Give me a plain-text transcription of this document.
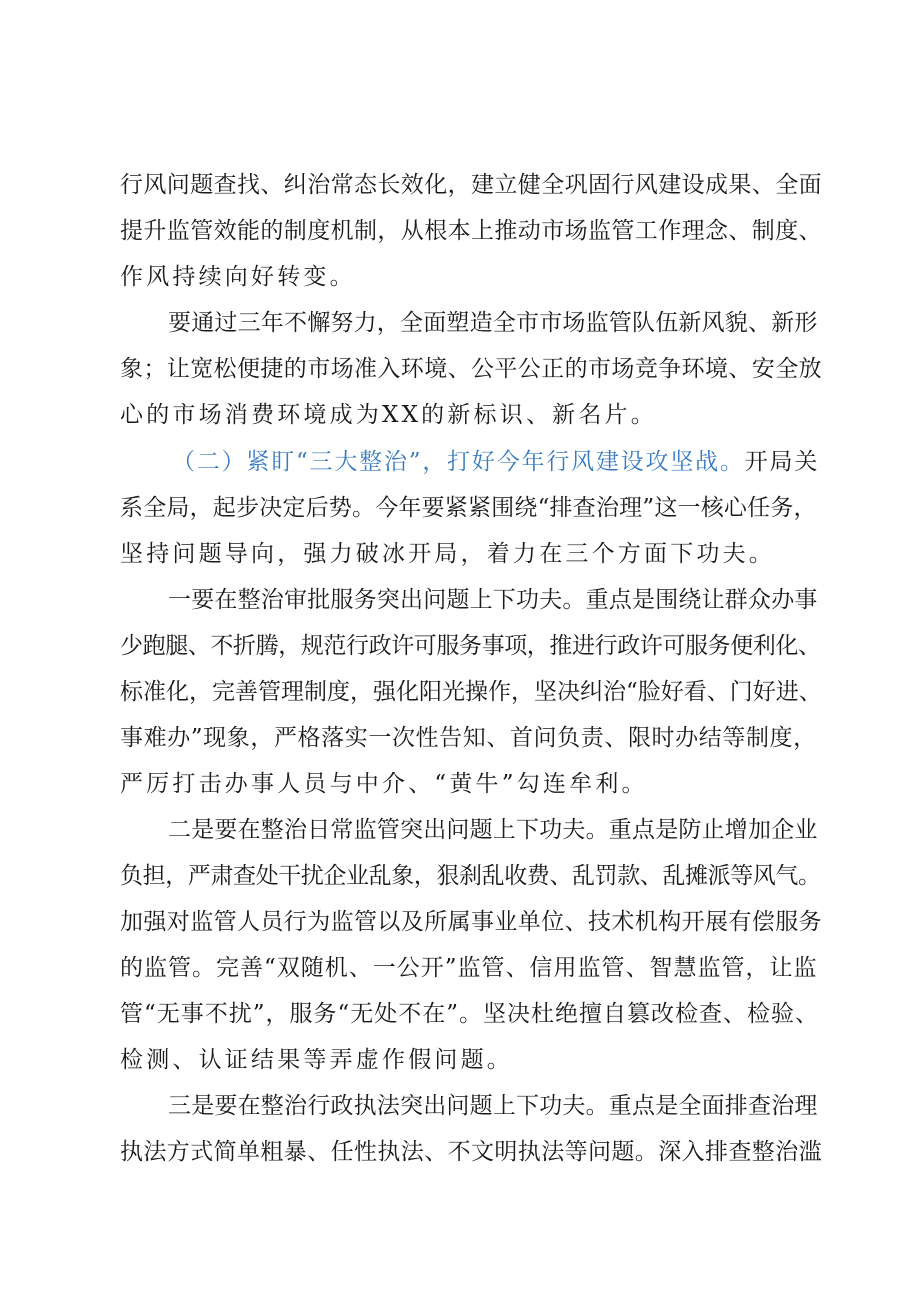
行风问题查找、纠治常态长效化，建立健全巩固行风建设成果、全面
提升监管效能的制度机制，从根本上推动市场监管工作理念、制度、
作风持续向好转变。
要通过三年不懈努力，全面塑造全市市场监管队伍新风貌、新形
象；让宽松便捷的市场准入环境、公平公正的市场竞争环境、安全放
心的市场消费环境成为XX的新标识、新名片。
（二）紧盯“三大整治”，打好今年行风建设攻坚战。开局关
系全局，起步决定后势。今年要紧紧围绕“排查治理”这一核心任务，
坚持问题导向，强力破冰开局，着力在三个方面下功夫。
一要在整治审批服务突出问题上下功夫。重点是围绕让群众办事
少跑腿、不折腾，规范行政许可服务事项，推进行政许可服务便利化、
标准化，完善管理制度，强化阳光操作，坚决纠治“脸好看、门好进、
事难办”现象，严格落实一次性告知、首问负责、限时办结等制度，
严厉打击办事人员与中介、“黄牛”勾连牟利。
二是要在整治日常监管突出问题上下功夫。重点是防止增加企业
负担，严肃查处干扰企业乱象，狠刹乱收费、乱罚款、乱摊派等风气。
加强对监管人员行为监管以及所属事业单位、技术机构开展有偿服务
的监管。完善“双随机、一公开”监管、信用监管、智慧监管，让监
管“无事不扰”，服务“无处不在”。坚决杜绝擅自篡改检查、检验、
检测、认证结果等弄虚作假问题。
三是要在整治行政执法突出问题上下功夫。重点是全面排查治理
执法方式简单粗暴、任性执法、不文明执法等问题。深入排查整治滥
